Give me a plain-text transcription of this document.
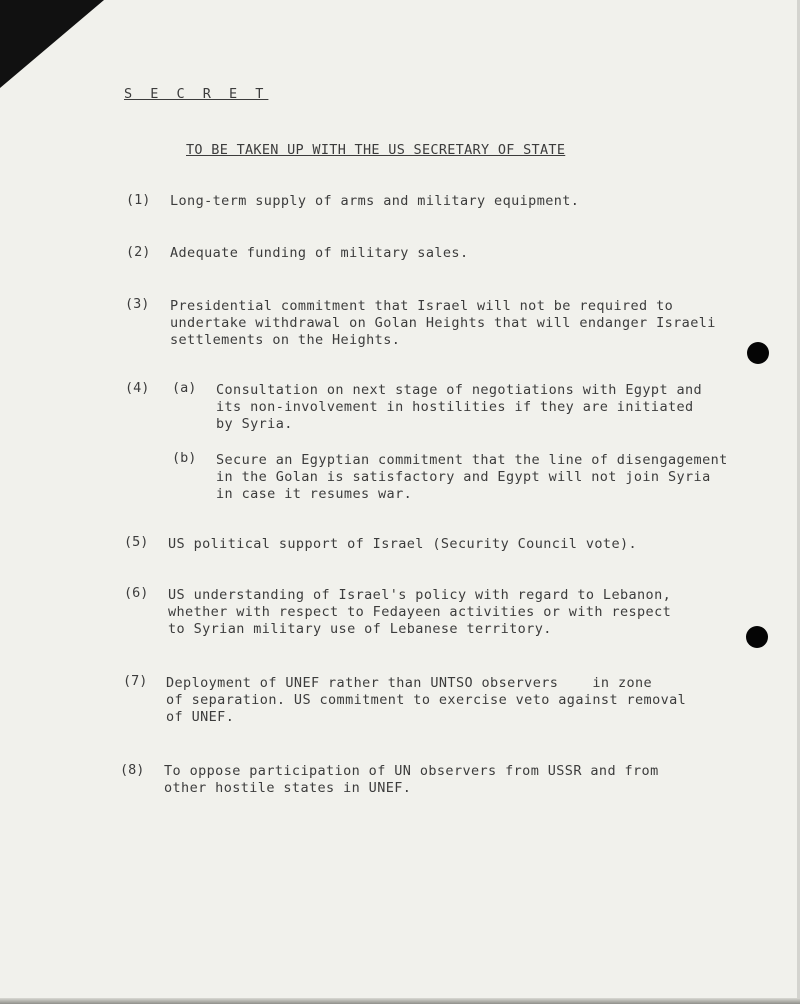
S E C R E T
TO BE TAKEN UP WITH THE US SECRETARY OF STATE
(1) Long-term supply of arms and military equipment.
(2) Adequate funding of military sales.
(3) Presidential commitment that Israel will not be required to
undertake withdrawal on Golan Heights that will endanger Israeli
settlements on the Heights.
(4) (a) Consultation on next stage of negotiations with Egypt and
its non-involvement in hostilities if they are initiated
by Syria.
(b) Secure an Egyptian commitment that the line of disengagement
in the Golan is satisfactory and Egypt will not join Syria
in case it resumes war.
(5) US political support of Israel (Security Council vote).
(6) US understanding of Israel's policy with regard to Lebanon,
whether with respect to Fedayeen activities or with respect
to Syrian military use of Lebanese territory.
(7) Deployment of UNEF rather than UNTSO observers    in zone
of separation. US commitment to exercise veto against removal
of UNEF.
(8) To oppose participation of UN observers from USSR and from
other hostile states in UNEF.
